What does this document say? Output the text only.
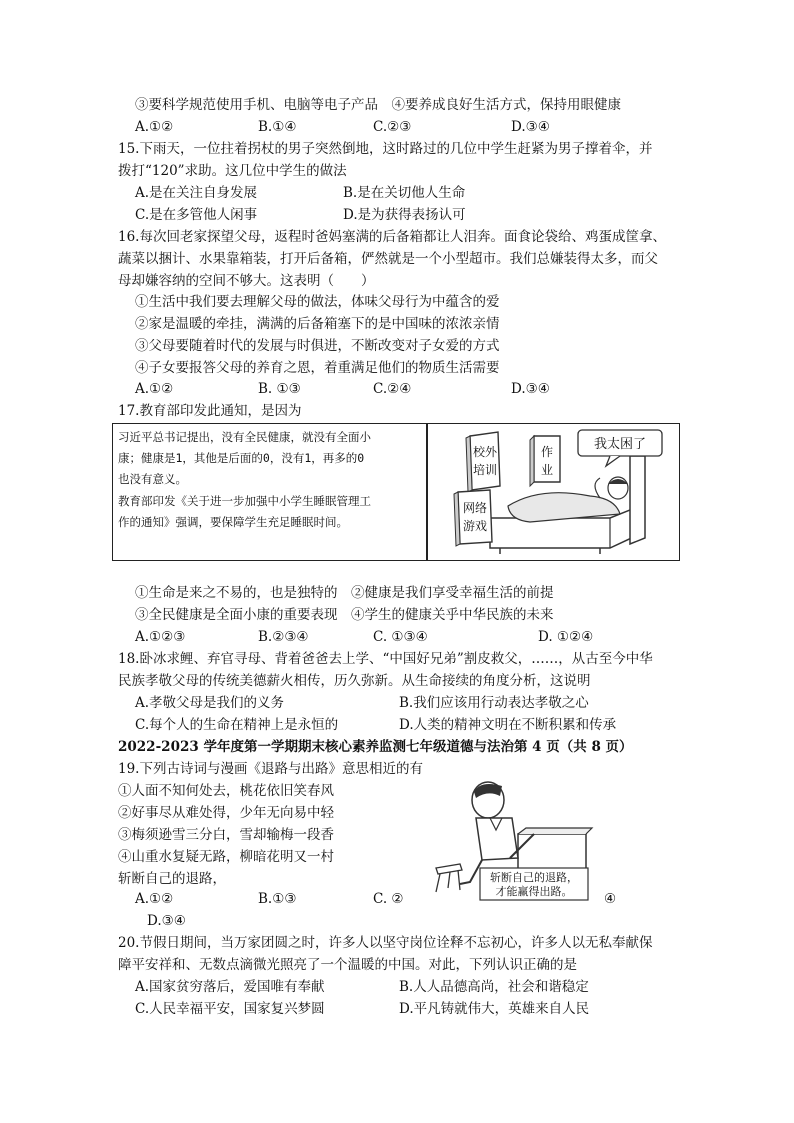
③要科学规范使用手机、电脑等电子产品　④要养成良好生活方式，保持用眼健康
A.①②	B.①④	C.②③	D.③④
15.下雨天，一位拄着拐杖的男子突然倒地，这时路过的几位中学生赶紧为男子撑着伞，并
拨打“120”求助。这几位中学生的做法
A.是在关注自身发展	B.是在关切他人生命
C.是在多管他人闲事	D.是为获得表扬认可
16.每次回老家探望父母，返程时爸妈塞满的后备箱都让人泪奔。面食论袋给、鸡蛋成筐拿、
蔬菜以捆计、水果靠箱装，打开后备箱，俨然就是一个小型超市。我们总嫌装得太多，而父
母却嫌容纳的空间不够大。这表明（　　）
①生活中我们要去理解父母的做法，体味父母行为中蕴含的爱
②家是温暖的牵挂，满满的后备箱塞下的是中国味的浓浓亲情
③父母要随着时代的发展与时俱进，不断改变对子女爱的方式
④子女要报答父母的养育之恩，着重满足他们的物质生活需要
A.①②	B. ①③	C.②④	D.③④
17.教育部印发此通知，是因为
习近平总书记提出，没有全民健康，就没有全面小
康；健康是1，其他是后面的0，没有1，再多的0
也没有意义。
教育部印发《关于进一步加强中小学生睡眠管理工
作的通知》强调，要保障学生充足睡眠时间。
我太困了
校外
培训
作
业
网络
游戏
①生命是来之不易的，也是独特的　②健康是我们享受幸福生活的前提
③全民健康是全面小康的重要表现　④学生的健康关乎中华民族的未来
A.①②③	B.②③④	C. ①③④	D. ①②④
18.卧冰求鲤、弃官寻母、背着爸爸去上学、“中国好兄弟”割皮救父，……，从古至今中华
民族孝敬父母的传统美德薪火相传，历久弥新。从生命接续的角度分析，这说明
A.孝敬父母是我们的义务	B.我们应该用行动表达孝敬之心
C.每个人的生命在精神上是永恒的	D.人类的精神文明在不断积累和传承
2022-2023 学年度第一学期期末核心素养监测七年级道德与法治第 4 页（共 8 页）
19.下列古诗词与漫画《退路与出路》意思相近的有
①人面不知何处去，桃花依旧笑春风
②好事尽从难处得，少年无向易中轻
③梅须逊雪三分白，雪却输梅一段香
④山重水复疑无路，柳暗花明又一村
斩断自己的退路，	斩断自己的退路，
才能赢得出路。
A.①②	B.①③	C. ②	④
D.③④
20.节假日期间，当万家团圆之时，许多人以坚守岗位诠释不忘初心，许多人以无私奉献保
障平安祥和、无数点滴微光照亮了一个温暖的中国。对此，下列认识正确的是
A.国家贫穷落后，爱国唯有奉献	B.人人品德高尚，社会和谐稳定
C.人民幸福平安，国家复兴梦圆	D.平凡铸就伟大，英雄来自人民
